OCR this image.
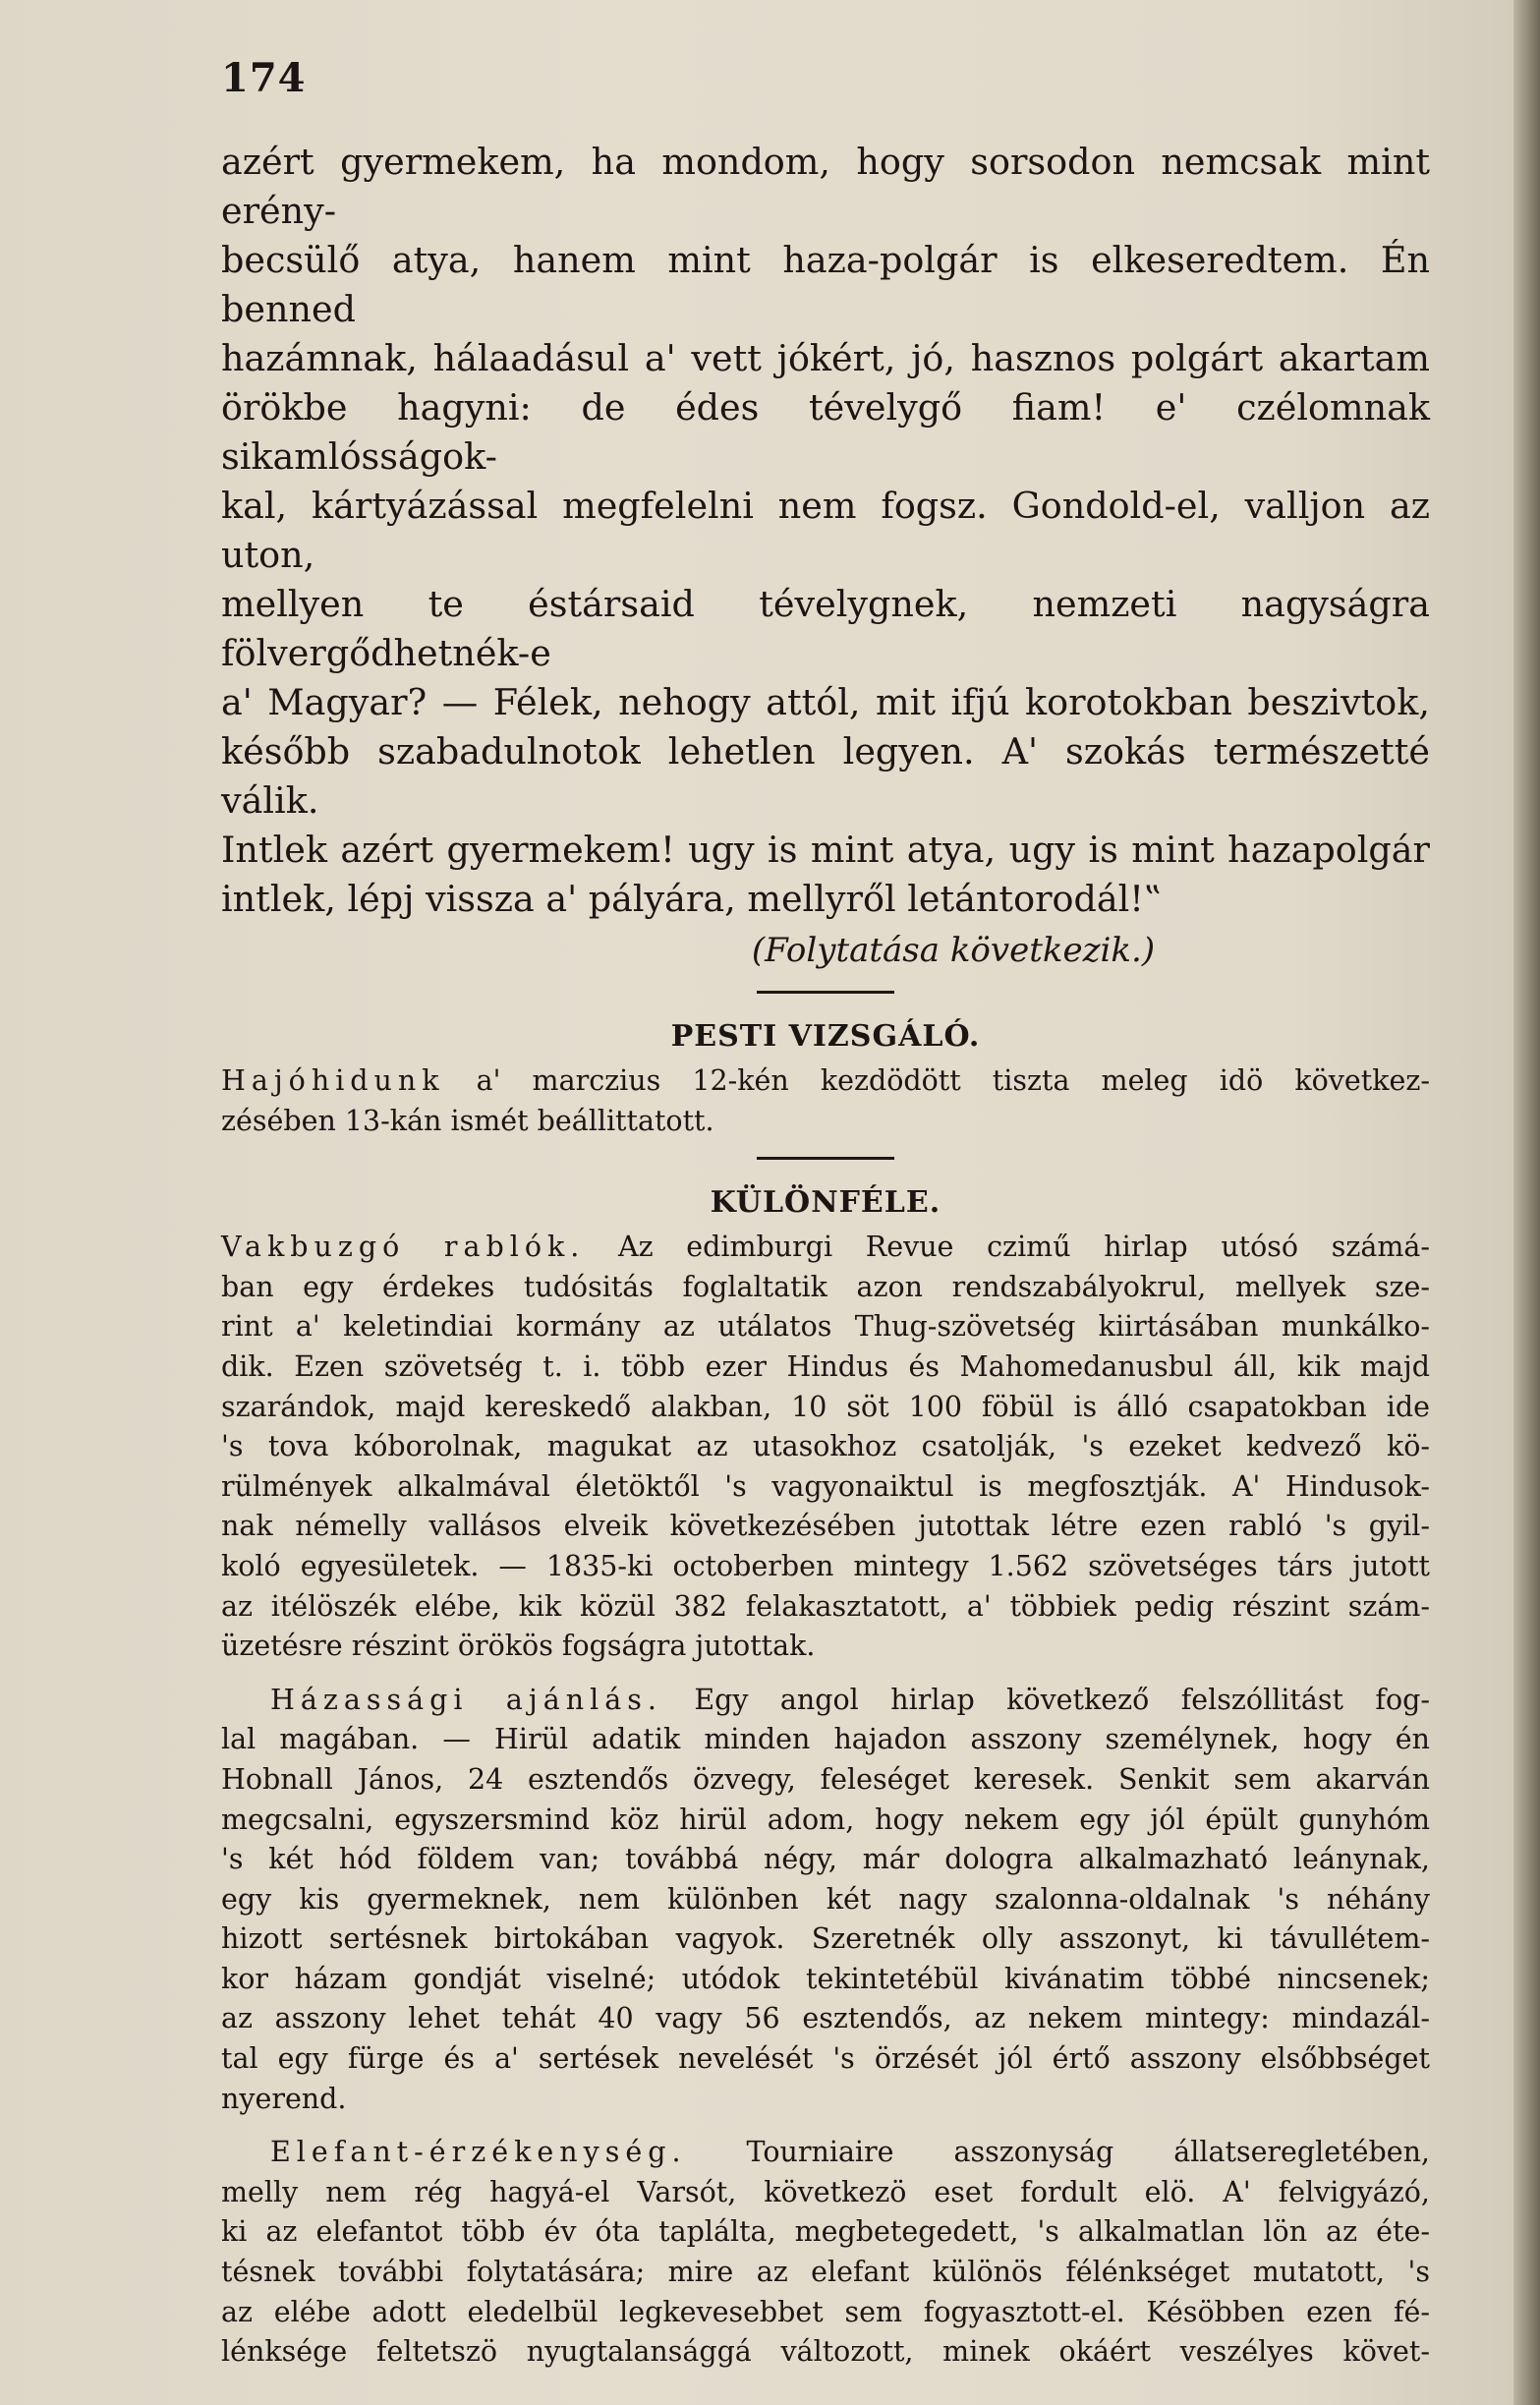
174

azért gyermekem, ha mondom, hogy sorsodon nemcsak mint erény-

becsülő atya, hanem mint haza-polgár is elkeseredtem. Én benned

hazámnak, hálaadásul a' vett jókért, jó, hasznos polgárt akartam

örökbe hagyni: de édes tévelygő fiam! e' czélomnak sikamlósságok-

kal, kártyázással megfelelni nem fogsz. Gondold-el, valljon az uton,

mellyen te éstársaid tévelygnek, nemzeti nagyságra fölvergődhetnék-e

a' Magyar? — Félek, nehogy attól, mit ifjú korotokban beszivtok,

később szabadulnotok lehetlen legyen. A' szokás természetté válik.

Intlek azért gyermekem! ugy is mint atya, ugy is mint hazapolgár

intlek, lépj vissza a' pályára, mellyről letántorodál!‟

(Folytatása következik.)
PESTI VIZSGÁLÓ.

Hajóhidunk a' marczius 12-kén kezdödött tiszta meleg idö következ-

zésében 13-kán ismét beállittatott.

KÜLÖNFÉLE.

Vakbuzgó rablók. Az edimburgi Revue czimű hirlap utósó számá-

ban egy érdekes tudósitás foglaltatik azon rendszabályokrul, mellyek sze-

rint a' keletindiai kormány az utálatos Thug-szövetség kiirtásában munkálko-

dik. Ezen szövetség t. i. több ezer Hindus és Mahomedanusbul áll, kik majd

szarándok, majd kereskedő alakban, 10 söt 100 föbül is álló csapatokban ide

's tova kóborolnak, magukat az utasokhoz csatolják, 's ezeket kedvező kö-

rülmények alkalmával életöktől 's vagyonaiktul is megfosztják. A' Hindusok-

nak némelly vallásos elveik következésében jutottak létre ezen rabló 's gyil-

koló egyesületek. — 1835-ki octoberben mintegy 1.562 szövetséges társ jutott

az itélöszék elébe, kik közül 382 felakasztatott, a' többiek pedig részint szám-

üzetésre részint örökös fogságra jutottak.

Házassági ajánlás. Egy angol hirlap következő felszóllitást fog-

lal magában. — Hirül adatik minden hajadon asszony személynek, hogy én

Hobnall János, 24 esztendős özvegy, feleséget keresek. Senkit sem akarván

megcsalni, egyszersmind köz hirül adom, hogy nekem egy jól épült gunyhóm

's két hód földem van; továbbá négy, már dologra alkalmazható leánynak,

egy kis gyermeknek, nem különben két nagy szalonna-oldalnak 's néhány

hizott sertésnek birtokában vagyok. Szeretnék olly asszonyt, ki távullétem-

kor házam gondját viselné; utódok tekintetébül kivánatim többé nincsenek;

az asszony lehet tehát 40 vagy 56 esztendős, az nekem mintegy: mindazál-

tal egy fürge és a' sertések nevelését 's örzését jól értő asszony elsőbbséget

nyerend.

Elefant-érzékenység. Tourniaire asszonyság állatseregletében,

melly nem rég hagyá-el Varsót, következö eset fordult elö. A' felvigyázó,

ki az elefantot több év óta taplálta, megbetegedett, 's alkalmatlan lön az éte-

tésnek további folytatására; mire az elefant különös félénkséget mutatott, 's

az elébe adott eledelbül legkevesebbet sem fogyasztott-el. Késöbben ezen fé-

lénksége feltetszö nyugtalansággá változott, minek okáért veszélyes követ-
